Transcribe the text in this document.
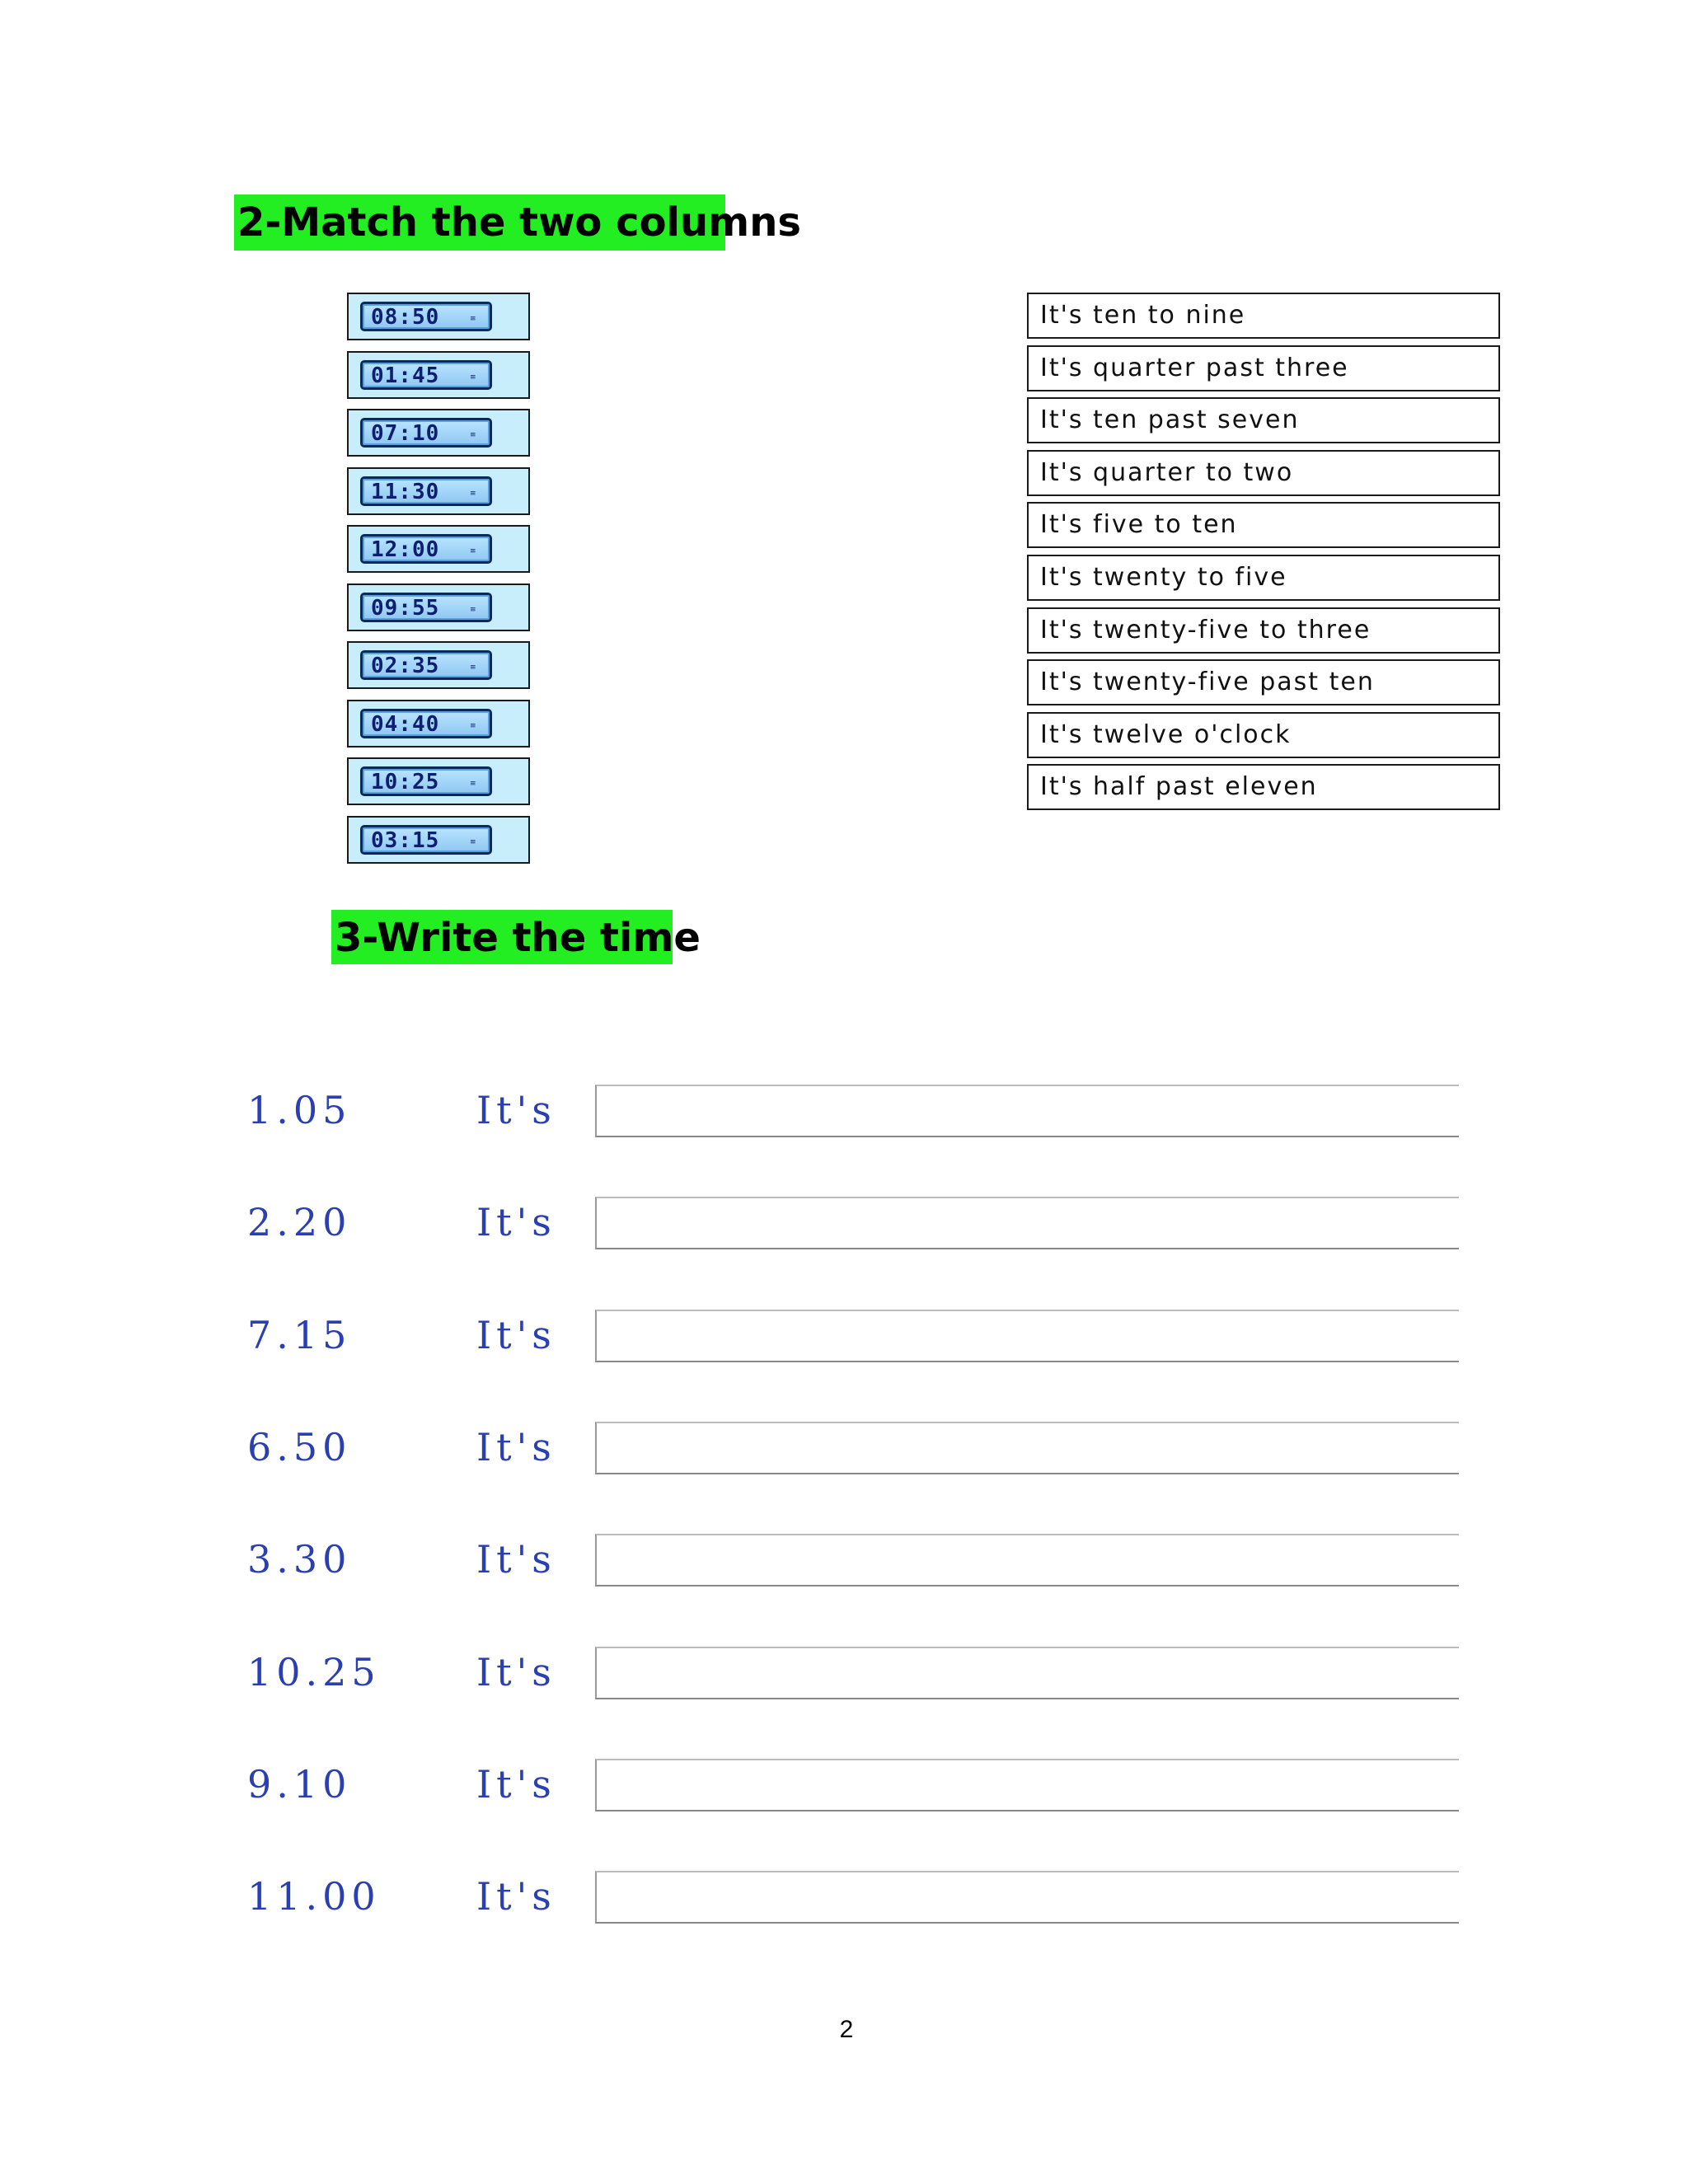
2-Match the two columns
08:50	≡
01:45	≡
07:10	≡
11:30	≡
12:00	≡
09:55	≡
02:35	≡
04:40	≡
10:25	≡
03:15	≡
It's ten to nine
It's quarter past three
It's ten past seven
It's quarter to two
It's five to ten
It's twenty to five
It's twenty-five to three
It's twenty-five past ten
It's twelve o'clock
It's half past eleven
3-Write the time
1.05	It's
2.20	It's
7.15	It's
6.50	It's
3.30	It's
10.25	It's
9.10	It's
11.00	It's
2
